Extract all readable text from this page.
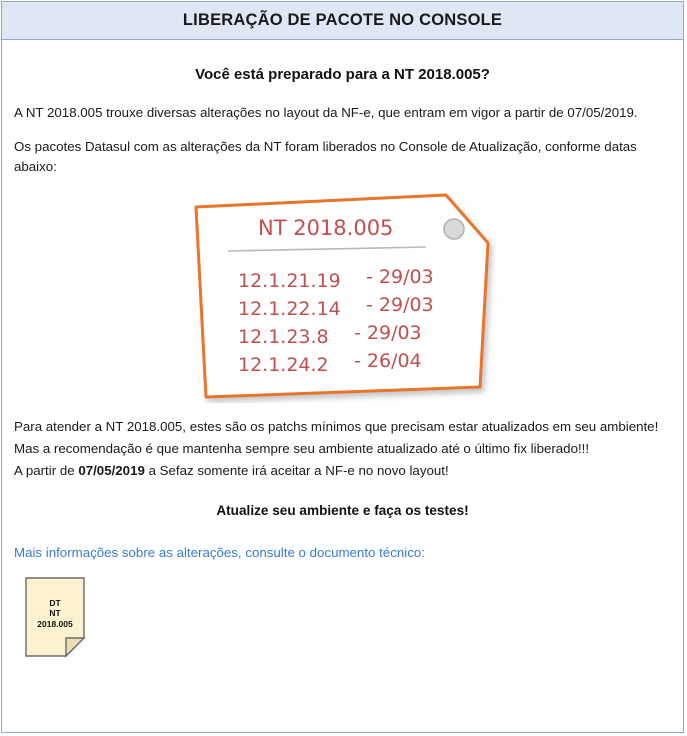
LIBERAÇÃO DE PACOTE NO CONSOLE
Você está preparado para a NT 2018.005?

A NT 2018.005 trouxe diversas alterações no layout da NF-e, que entram em vigor a partir de 07/05/2019.

Os pacotes Datasul com as alterações da NT foram liberados no Console de Atualização, conforme datas abaixo:

NT 2018.005
12.1.21.19 - 29/03
12.1.22.14 - 29/03
12.1.23.8 - 29/03
12.1.24.2 - 26/04

Para atender a NT 2018.005, estes são os patchs mínimos que precisam estar atualizados em seu ambiente!

Mas a recomendação é que mantenha sempre seu ambiente atualizado até o último fix liberado!!!

A partir de 07/05/2019 a Sefaz somente irá aceitar a NF-e no novo layout!

Atualize seu ambiente e faça os testes!
Mais informações sobre as alterações, consulte o documento técnico:
DT
NT
2018.005
